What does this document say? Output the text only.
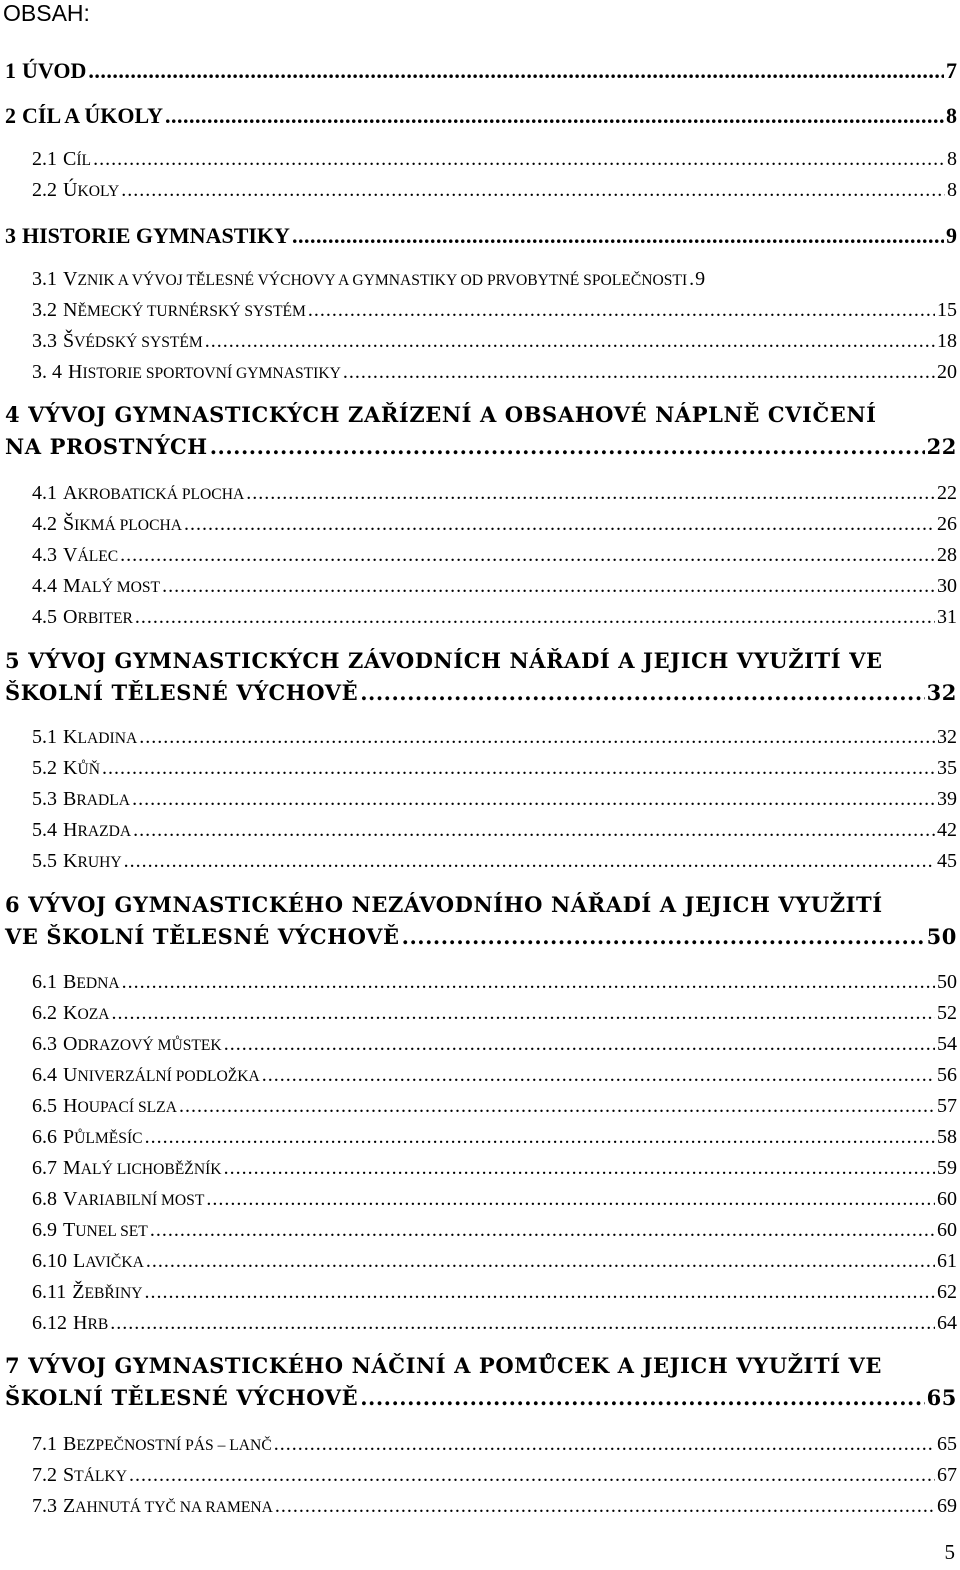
OBSAH:
1 ÚVOD .....	7
2 CÍL A ÚKOLY .....	8
2.1 CÍL .....	8
2.2 ÚKOLY .....	8
3 HISTORIE GYMNASTIKY .....	9
3.1 VZNIK A VÝVOJ TĚLESNÉ VÝCHOVY A GYMNASTIKY OD PRVOBYTNÉ SPOLEČNOSTI ..... 9
3.2 NĚMECKÝ TURNÉRSKÝ SYSTÉM .....	15
3.3 ŠVÉDSKÝ SYSTÉM .....	18
3. 4 HISTORIE SPORTOVNÍ GYMNASTIKY .....	20
4 VÝVOJ GYMNASTICKÝCH ZAŘÍZENÍ A OBSAHOVÉ NÁPLNĚ CVIČENÍ
NA PROSTNÝCH .....	22
4.1 AKROBATICKÁ PLOCHA .....	22
4.2 ŠIKMÁ PLOCHA .....	26
4.3 VÁLEC .....	28
4.4 MALÝ MOST .....	30
4.5 ORBITER .....	31
5 VÝVOJ GYMNASTICKÝCH ZÁVODNÍCH NÁŘADÍ A JEJICH VYUŽITÍ VE
ŠKOLNÍ TĚLESNÉ VÝCHOVĚ .....	32
5.1 KLADINA .....	32
5.2 KŮŇ .....	35
5.3 BRADLA .....	39
5.4 HRAZDA .....	42
5.5 KRUHY .....	45
6 VÝVOJ GYMNASTICKÉHO NEZÁVODNÍHO NÁŘADÍ A JEJICH VYUŽITÍ
VE ŠKOLNÍ TĚLESNÉ VÝCHOVĚ .....	50
6.1 BEDNA .....	50
6.2 KOZA .....	52
6.3 ODRAZOVÝ MŮSTEK .....	54
6.4 UNIVERZÁLNÍ PODLOŽKA .....	56
6.5 HOUPACÍ SLZA .....	57
6.6 PŮLMĚSÍC .....	58
6.7 MALÝ LICHOBĚŽNÍK .....	59
6.8 VARIABILNÍ MOST .....	60
6.9 TUNEL SET .....	60
6.10 LAVIČKA .....	61
6.11 ŽEBŘINY .....	62
6.12 HRB .....	64
7 VÝVOJ GYMNASTICKÉHO NÁČINÍ A POMŮCEK A JEJICH VYUŽITÍ VE
ŠKOLNÍ TĚLESNÉ VÝCHOVĚ .....	65
7.1 BEZPEČNOSTNÍ PÁS – LANČ .....	65
7.2 STÁLKY .....	67
7.3 ZAHNUTÁ TYČ NA RAMENA .....	69
5
